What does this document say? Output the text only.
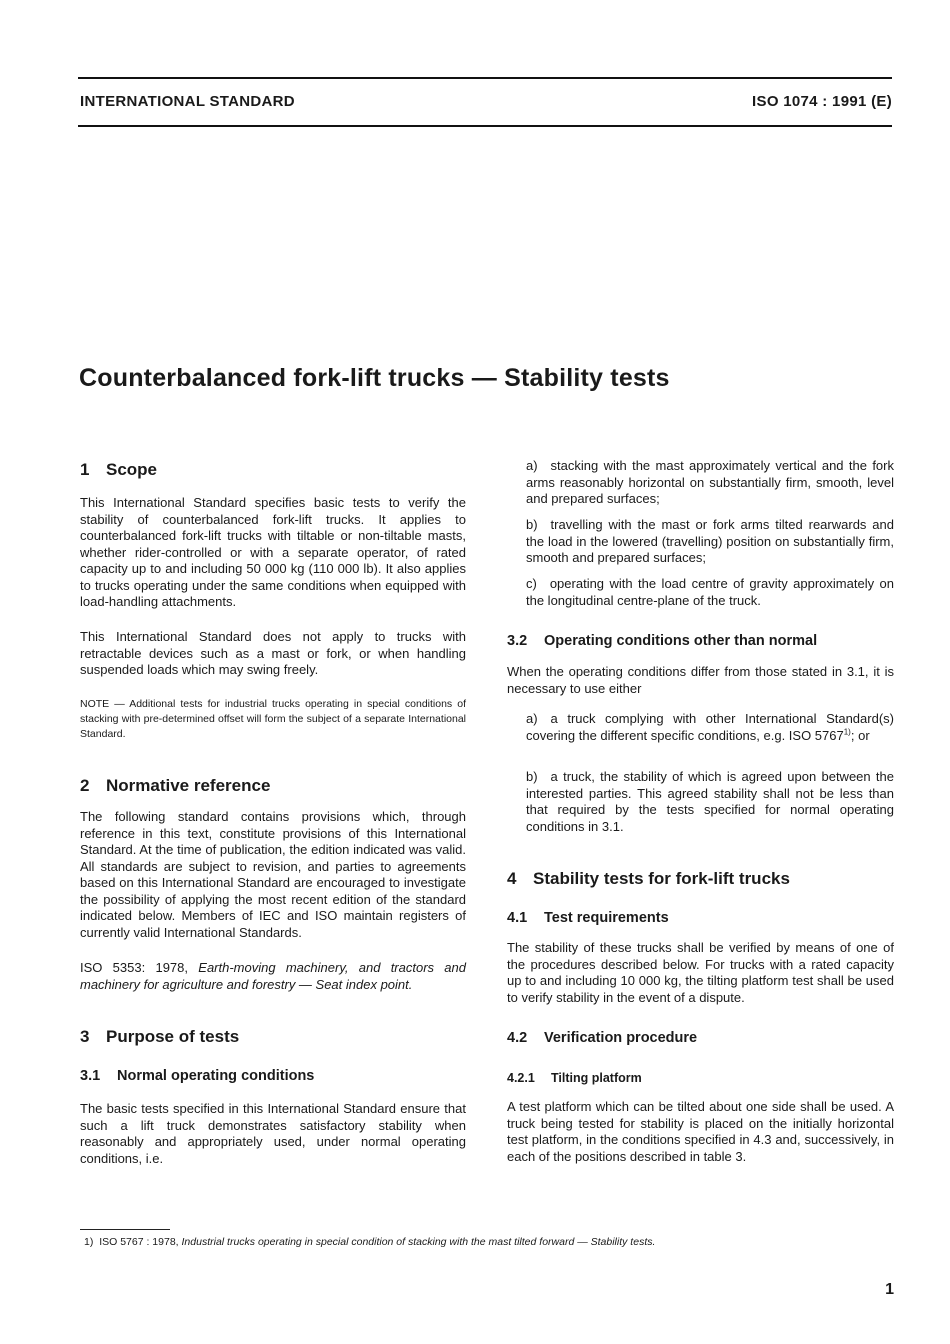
INTERNATIONAL STANDARD	ISO 1074 : 1991 (E)
Counterbalanced fork-lift trucks — Stability tests
1 Scope

This International Standard specifies basic tests to verify the stability of counterbalanced fork-lift trucks. It applies to counterbalanced fork-lift trucks with tiltable or non-tiltable masts, whether rider-controlled or with a separate operator, of rated capacity up to and including 50 000 kg (110 000 lb). It also applies to trucks operating under the same conditions when equipped with load-handling attachments.

This International Standard does not apply to trucks with retractable devices such as a mast or fork, or when handling suspended loads which may swing freely.

NOTE — Additional tests for industrial trucks operating in special conditions of stacking with pre-determined offset will form the subject of a separate International Standard.

2 Normative reference

The following standard contains provisions which, through reference in this text, constitute provisions of this International Standard. At the time of publication, the edition indicated was valid. All standards are subject to revision, and parties to agreements based on this International Standard are encouraged to investigate the possibility of applying the most recent edition of the standard indicated below. Members of IEC and ISO maintain registers of currently valid International Standards.

ISO 5353: 1978, Earth-moving machinery, and tractors and machinery for agriculture and forestry — Seat index point.

3 Purpose of tests
3.1 Normal operating conditions

The basic tests specified in this International Standard ensure that such a lift truck demonstrates satisfactory stability when reasonably and appropriately used, under normal operating conditions, i.e.

a) stacking with the mast approximately vertical and the fork arms reasonably horizontal on substantially firm, smooth, level and prepared surfaces;

b) travelling with the mast or fork arms tilted rearwards and the load in the lowered (travelling) position on substantially firm, smooth and prepared surfaces;

c) operating with the load centre of gravity approximately on the longitudinal centre-plane of the truck.

3.2 Operating conditions other than normal

When the operating conditions differ from those stated in 3.1, it is necessary to use either

a) a truck complying with other International Standard(s) covering the different specific conditions, e.g. ISO 5767$^{1)}$; or

b) a truck, the stability of which is agreed upon between the interested parties. This agreed stability shall not be less than that required by the tests specified for normal operating conditions in 3.1.

4 Stability tests for fork-lift trucks
4.1 Test requirements

The stability of these trucks shall be verified by means of one of the procedures described below. For trucks with a rated capacity up to and including 10 000 kg, the tilting platform test shall be used to verify stability in the event of a dispute.

4.2 Verification procedure
4.2.1 Tilting platform

A test platform which can be tilted about one side shall be used. A truck being tested for stability is placed on the initially horizontal test platform, in the conditions specified in 4.3 and, successively, in each of the positions described in table 3.

1) ISO 5767 : 1978, Industrial trucks operating in special condition of stacking with the mast tilted forward — Stability tests.
1
